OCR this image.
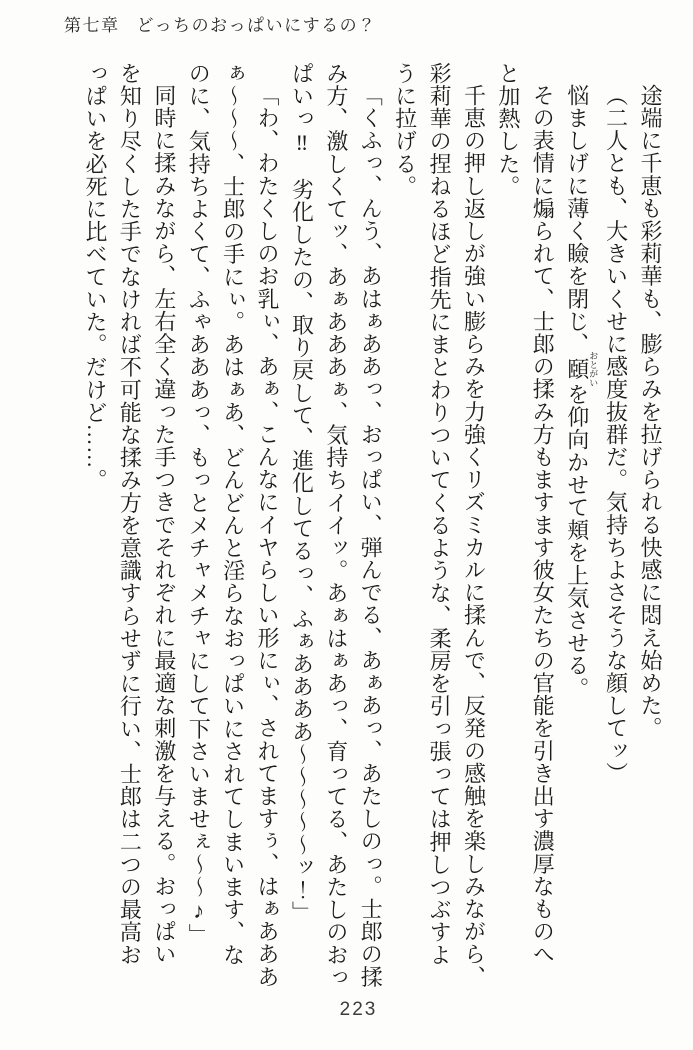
第七章 どっちのおっぱいにするの？
途端に千恵も彩莉華も、膨らみを拉げられる快感に悶え始めた。
（二人とも、大きいくせに感度抜群だ。気持ちよさそうな顔してッ）
悩ましげに薄く瞼を閉じ、頤おとがいを仰向かせて頬を上気させる。
その表情に煽られて、士郎の揉み方もますます彼女たちの官能を引き出す濃厚なものへ
と加熱した。
千恵の押し返しが強い膨らみを力強くリズミカルに揉んで、反発の感触を楽しみながら、
彩莉華の捏ねるほど指先にまとわりついてくるような、柔房を引っ張っては押しつぶすよ
うに拉げる。
「くふっ、んう、あはぁああっ、おっぱい、弾んでる、あぁあっ、あたしのっ。士郎の揉
み方、激しくてッ、あぁあああぁ、気持ちイイッ。あぁはぁあっ、育ってる、あたしのおっ
ぱいっ‼　劣化したの、取り戻して、進化してるっ、ふぁああああ～～～～～ッ！」
「わ、わたくしのお乳ぃ、あぁ、こんなにイヤらしい形にぃ、されてますぅ、はぁあああ
ぁ～～～、士郎の手にぃ。あはぁあ、どんどんと淫らなおっぱいにされてしまいます、な
のに、気持ちよくて、ふゃあああっ、もっとメチャメチャにして下さいませぇ～～♪」
同時に揉みながら、左右全く違った手つきでそれぞれに最適な刺激を与える。おっぱい
を知り尽くした手でなければ不可能な揉み方を意識すらせずに行い、士郎は二つの最高お
っぱいを必死に比べていた。だけど……。
223
